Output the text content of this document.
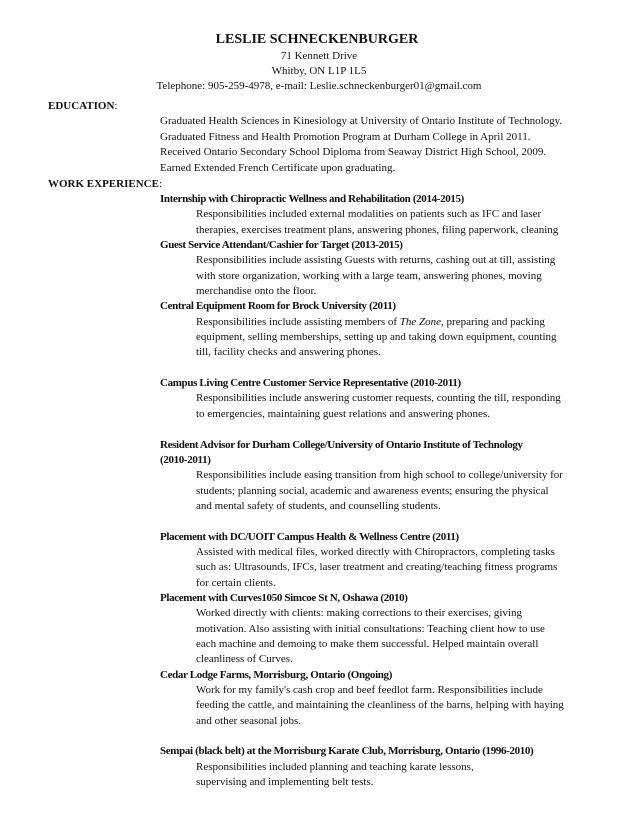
LESLIE SCHNECKENBURGER
71 Kennett Drive
Whitby, ON L1P 1L5
Telephone: 905-259-4978, e-mail: Leslie.schneckenburger01@gmail.com
EDUCATION:
Graduated Health Sciences in Kinesiology at University of Ontario Institute of Technology.
Graduated Fitness and Health Promotion Program at Durham College in April 2011.
Received Ontario Secondary School Diploma from Seaway District High School, 2009.
Earned Extended French Certificate upon graduating.
WORK EXPERIENCE:
Internship with Chiropractic Wellness and Rehabilitation (2014-2015)
Responsibilities included external modalities on patients such as IFC and laser
therapies, exercises treatment plans, answering phones, filing paperwork, cleaning
Guest Service Attendant/Cashier for Target (2013-2015)
Responsibilities include assisting Guests with returns, cashing out at till, assisting
with store organization, working with a large team, answering phones, moving
merchandise onto the floor.
Central Equipment Room for Brock University (2011)
Responsibilities include assisting members of The Zone, preparing and packing
equipment, selling memberships, setting up and taking down equipment, counting
till, facility checks and answering phones.
Campus Living Centre Customer Service Representative (2010-2011)
Responsibilities include answering customer requests, counting the till, responding
to emergencies, maintaining guest relations and answering phones.
Resident Advisor for Durham College/University of Ontario Institute of Technology
(2010-2011)
Responsibilities include easing transition from high school to college/university for
students; planning social, academic and awareness events; ensuring the physical
and mental safety of students, and counselling students.
Placement with DC/UOIT Campus Health & Wellness Centre (2011)
Assisted with medical files, worked directly with Chiropractors, completing tasks
such as: Ultrasounds, IFCs, laser treatment and creating/teaching fitness programs
for certain clients.
Placement with Curves1050 Simcoe St N, Oshawa (2010)
Worked directly with clients: making corrections to their exercises, giving
motivation. Also assisting with initial consultations: Teaching client how to use
each machine and demoing to make them successful. Helped maintain overall
cleanliness of Curves.
Cedar Lodge Farms, Morrisburg, Ontario (Ongoing)
Work for my family's cash crop and beef feedlot farm. Responsibilities include
feeding the cattle, and maintaining the cleanliness of the barns, helping with haying
and other seasonal jobs.
Sempai (black belt) at the Morrisburg Karate Club, Morrisburg, Ontario (1996-2010)
Responsibilities included planning and teaching karate lessons,
supervising and implementing belt tests.
